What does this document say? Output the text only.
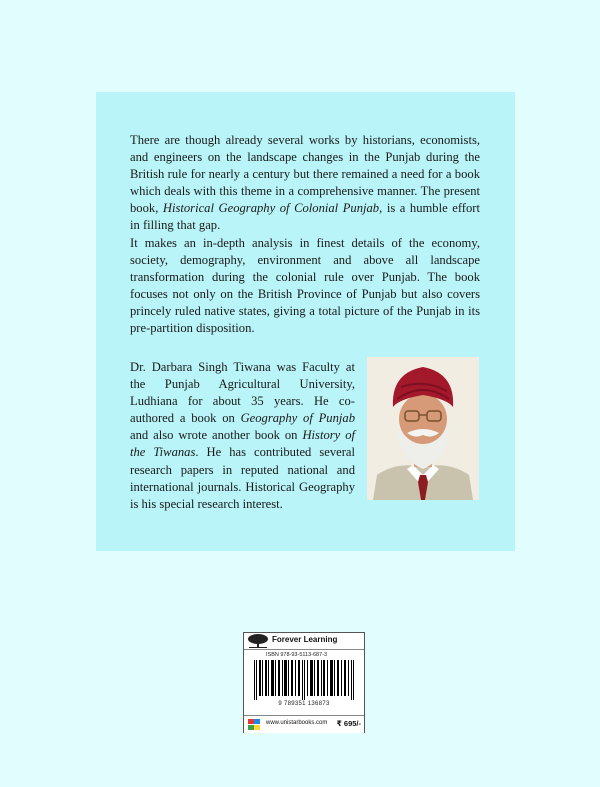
There are though already several works by historians, economists, and engineers on the landscape changes in the Punjab during the British rule for nearly a century but there remained a need for a book which deals with this theme in a comprehensive manner. The present book, Historical Geography of Colonial Punjab, is a humble effort in filling that gap.

It makes an in-depth analysis in finest details of the economy, society, demography, environment and above all landscape transformation during the colonial rule over Punjab. The book focuses not only on the British Province of Punjab but also covers princely ruled native states, giving a total picture of the Punjab in its pre-partition disposition.

Dr. Darbara Singh Tiwana was Faculty at the Punjab Agricultural University, Ludhiana for about 35 years. He co-authored a book on Geography of Punjab and also wrote another book on History of the Tiwanas. He has contributed several research papers in reputed national and international journals. Historical Geography is his special research interest.
Forever Learning
ISBN 978-93-5113-687-3
9 789351 136873
www.unistarbooks.com ₹ 695/-
